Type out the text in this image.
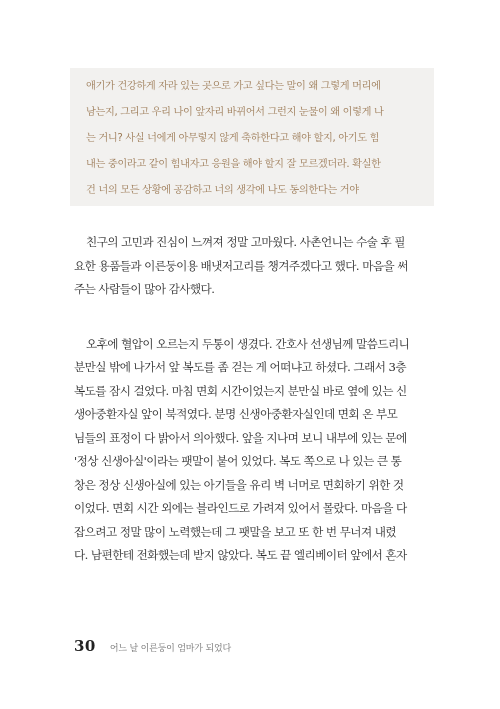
애기가 건강하게 자라 있는 곳으로 가고 싶다는 말이 왜 그렇게 머리에
남는지, 그리고 우리 나이 앞자리 바뀌어서 그런지 눈물이 왜 이렇게 나
는 거니? 사실 너에게 아무렇지 않게 축하한다고 해야 할지, 아기도 힘
내는 중이라고 같이 힘내자고 응원을 해야 할지 잘 모르겠더라. 확실한
건 너의 모든 상황에 공감하고 너의 생각에 나도 동의한다는 거야
친구의 고민과 진심이 느껴져 정말 고마웠다. 사촌언니는 수술 후 필
요한 용품들과 이른둥이용 배냇저고리를 챙겨주겠다고 했다. 마음을 써
주는 사람들이 많아 감사했다.
오후에 혈압이 오르는지 두통이 생겼다. 간호사 선생님께 말씀드리니
분만실 밖에 나가서 앞 복도를 좀 걷는 게 어떠냐고 하셨다. 그래서 3층
복도를 잠시 걸었다. 마침 면회 시간이었는지 분만실 바로 옆에 있는 신
생아중환자실 앞이 북적였다. 분명 신생아중환자실인데 면회 온 부모
님들의 표정이 다 밝아서 의아했다. 앞을 지나며 보니 내부에 있는 문에
'정상 신생아실'이라는 팻말이 붙어 있었다. 복도 쪽으로 나 있는 큰 통
창은 정상 신생아실에 있는 아기들을 유리 벽 너머로 면회하기 위한 것
이었다. 면회 시간 외에는 블라인드로 가려져 있어서 몰랐다. 마음을 다
잡으려고 정말 많이 노력했는데 그 팻말을 보고 또 한 번 무너져 내렸
다. 남편한테 전화했는데 받지 않았다. 복도 끝 엘리베이터 앞에서 혼자
30 어느 날 이른둥이 엄마가 되었다
